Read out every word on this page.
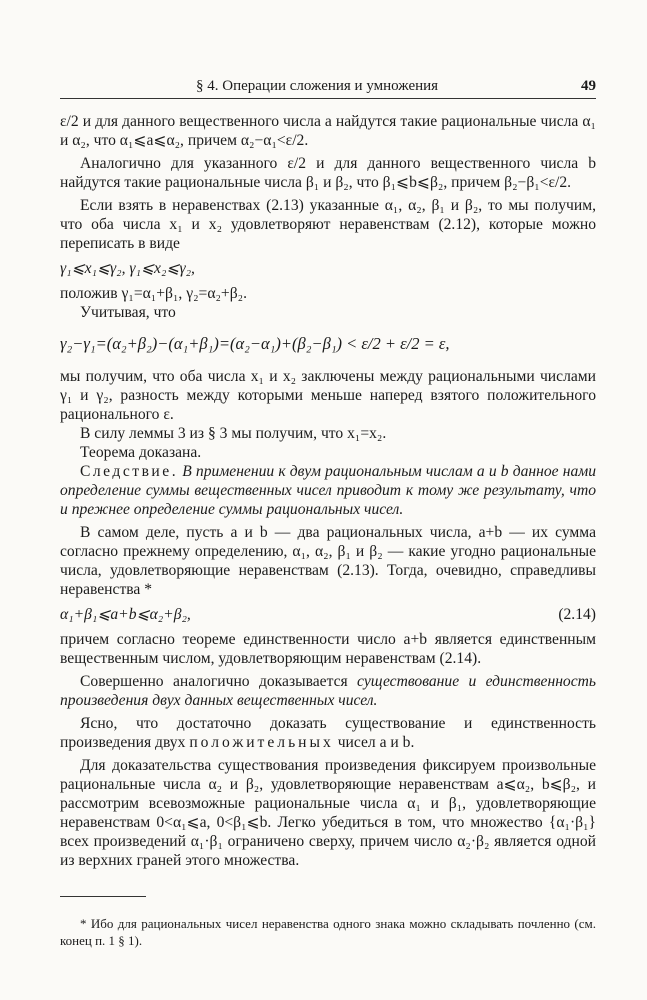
§ 4. Операции сложения и умножения	49

ε/2 и для данного вещественного числа a найдутся такие рациональные числа α₁ и α₂, что α₁⩽a⩽α₂, причем α₂−α₁<ε/2.

Аналогично для указанного ε/2 и для данного вещественного числа b найдутся такие рациональные числа β₁ и β₂, что β₁⩽b⩽β₂, причем β₂−β₁<ε/2.

Если взять в неравенствах (2.13) указанные α₁, α₂, β₁ и β₂, то мы получим, что оба числа x₁ и x₂ удовлетворяют неравенствам (2.12), которые можно переписать в виде

γ₁⩽x₁⩽γ₂, γ₁⩽x₂⩽γ₂,

положив γ₁=α₁+β₁, γ₂=α₂+β₂.

Учитывая, что

γ₂−γ₁=(α₂+β₂)−(α₁+β₁)=(α₂−α₁)+(β₂−β₁) < ε/2 + ε/2 = ε,

мы получим, что оба числа x₁ и x₂ заключены между рациональными числами γ₁ и γ₂, разность между которыми меньше наперед взятого положительного рационального ε.

В силу леммы 3 из § 3 мы получим, что x₁=x₂.

Теорема доказана.

Следствие. В применении к двум рациональным числам a и b данное нами определение суммы вещественных чисел приводит к тому же результату, что и прежнее определение суммы рациональных чисел.

В самом деле, пусть a и b — два рациональных числа, a+b — их сумма согласно прежнему определению, α₁, α₂, β₁ и β₂ — какие угодно рациональные числа, удовлетворяющие неравенствам (2.13). Тогда, очевидно, справедливы неравенства *

α₁+β₁⩽a+b⩽α₂+β₂,	(2.14)

причем согласно теореме единственности число a+b является единственным вещественным числом, удовлетворяющим неравенствам (2.14).

Совершенно аналогично доказывается существование и единственность произведения двух данных вещественных чисел.

Ясно, что достаточно доказать существование и единственность произведения двух положительных чисел a и b.

Для доказательства существования произведения фиксируем произвольные рациональные числа α₂ и β₂, удовлетворяющие неравенствам a⩽α₂, b⩽β₂, и рассмотрим всевозможные рациональные числа α₁ и β₁, удовлетворяющие неравенствам 0<α₁⩽a, 0<β₁⩽b. Легко убедиться в том, что множество {α₁·β₁} всех произведений α₁·β₁ ограничено сверху, причем число α₂·β₂ является одной из верхних граней этого множества.

* Ибо для рациональных чисел неравенства одного знака можно складывать почленно (см. конец п. 1 § 1).
